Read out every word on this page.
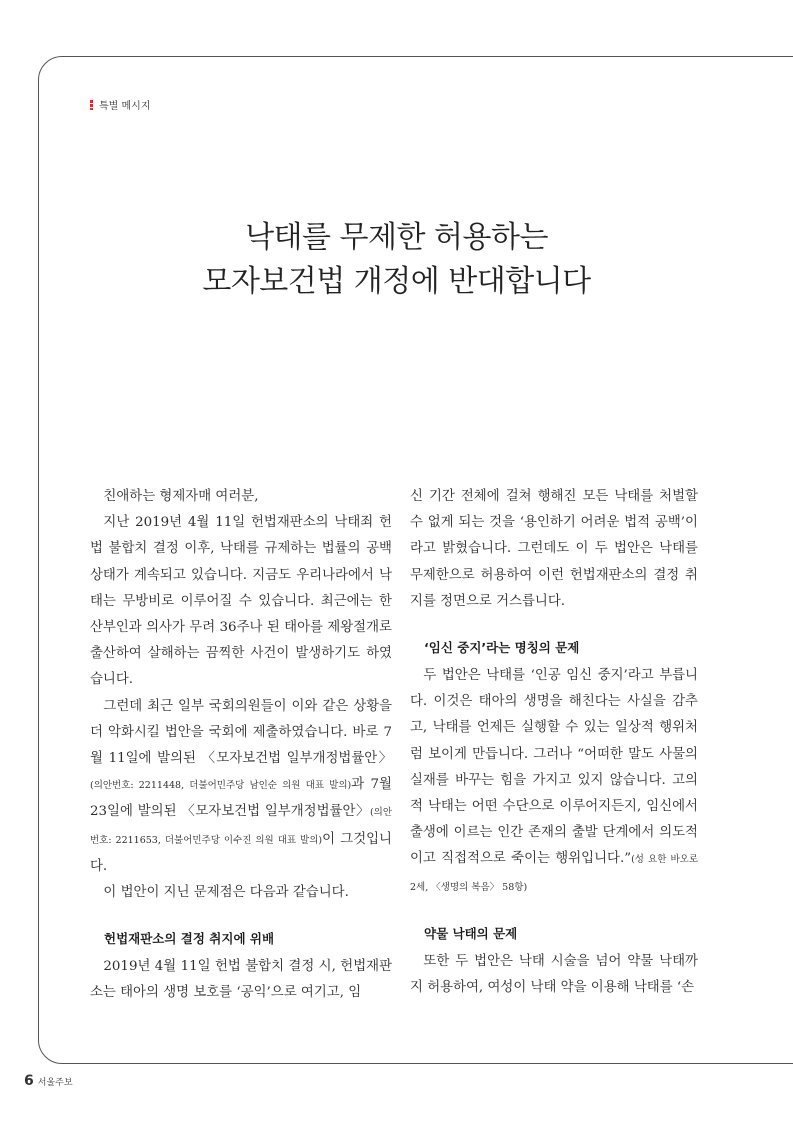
특별 메시지
낙태를 무제한 허용하는
모자보건법 개정에 반대합니다

친애하는 형제자매 여러분,

지난 2019년 4월 11일 헌법재판소의 낙태죄 헌법 불합치 결정 이후, 낙태를 규제하는 법률의 공백 상태가 계속되고 있습니다. 지금도 우리나라에서 낙태는 무방비로 이루어질 수 있습니다. 최근에는 한 산부인과 의사가 무려 36주나 된 태아를 제왕절개로 출산하여 살해하는 끔찍한 사건이 발생하기도 하였습니다.

그런데 최근 일부 국회의원들이 이와 같은 상황을 더 악화시킬 법안을 국회에 제출하였습니다. 바로 7월 11일에 발의된 〈모자보건법 일부개정법률안〉(의안번호: 2211448, 더불어민주당 남인순 의원 대표 발의)과 7월 23일에 발의된 〈모자보건법 일부개정법률안〉(의안번호: 2211653, 더불어민주당 이수진 의원 대표 발의)이 그것입니다.

이 법안이 지닌 문제점은 다음과 같습니다.

헌법재판소의 결정 취지에 위배

2019년 4월 11일 헌법 불합치 결정 시, 헌법재판소는 태아의 생명 보호를 ‘공익’으로 여기고, 임

신 기간 전체에 걸쳐 행해진 모든 낙태를 처벌할 수 없게 되는 것을 ‘용인하기 어려운 법적 공백’이라고 밝혔습니다. 그런데도 이 두 법안은 낙태를 무제한으로 허용하여 이런 헌법재판소의 결정 취지를 정면으로 거스릅니다.

‘임신 중지’라는 명칭의 문제

두 법안은 낙태를 ‘인공 임신 중지’라고 부릅니다. 이것은 태아의 생명을 해친다는 사실을 감추고, 낙태를 언제든 실행할 수 있는 일상적 행위처럼 보이게 만듭니다. 그러나 “어떠한 말도 사물의 실재를 바꾸는 힘을 가지고 있지 않습니다. 고의적 낙태는 어떤 수단으로 이루어지든지, 임신에서 출생에 이르는 인간 존재의 출발 단계에서 의도적이고 직접적으로 죽이는 행위입니다.”(성 요한 바오로 2세, 〈생명의 복음〉 58항)

약물 낙태의 문제

또한 두 법안은 낙태 시술을 넘어 약물 낙태까지 허용하여, 여성이 낙태 약을 이용해 낙태를 ‘손

6 서울주보
